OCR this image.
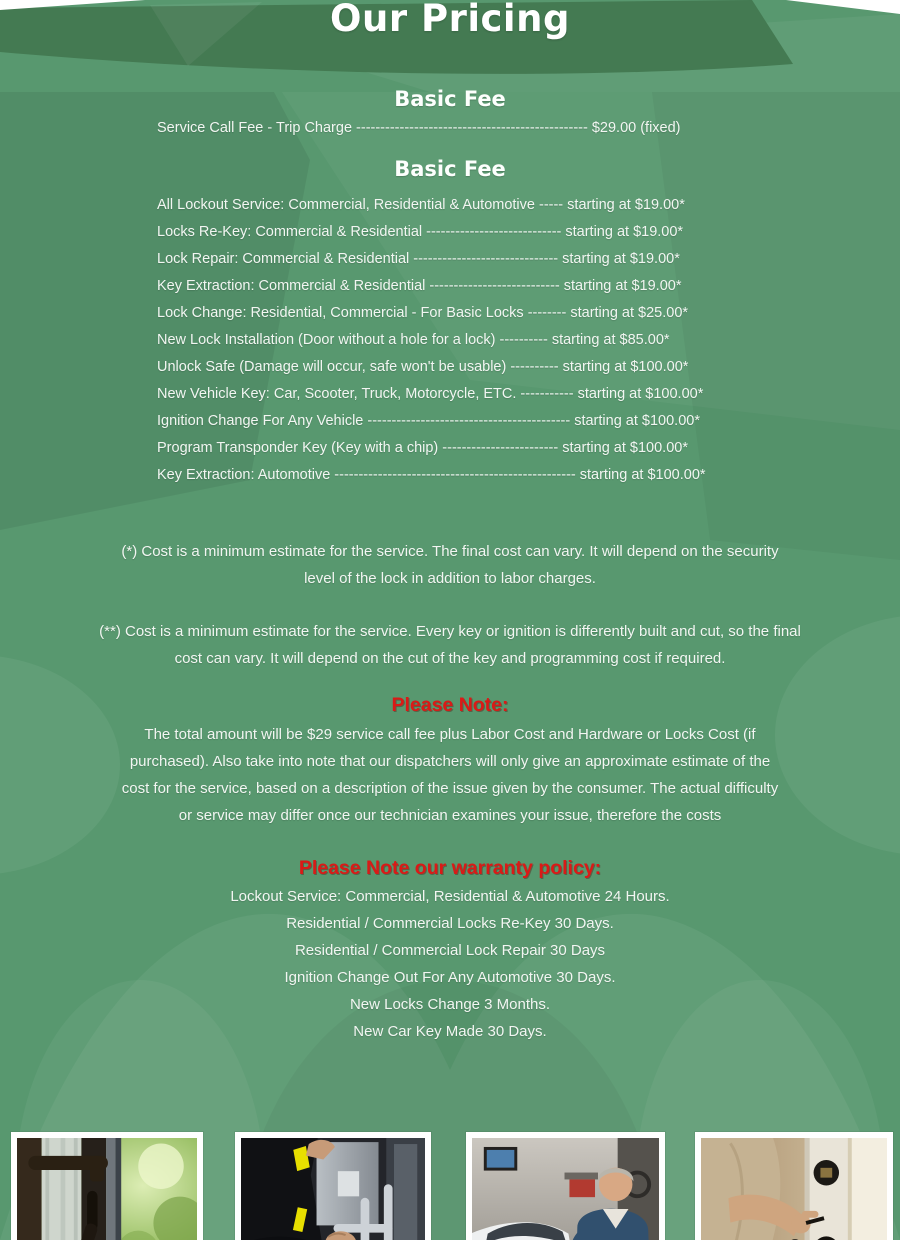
Our Pricing
Basic Fee

Service Call Fee - Trip Charge ------------------------------------------------ $29.00 (fixed)

Basic Fee
All Lockout Service: Commercial, Residential & Automotive ----- starting at $19.00*
Locks Re-Key: Commercial & Residential ---------------------------- starting at $19.00*
Lock Repair: Commercial & Residential ------------------------------ starting at $19.00*
Key Extraction: Commercial & Residential --------------------------- starting at $19.00*
Lock Change: Residential, Commercial - For Basic Locks -------- starting at $25.00*
New Lock Installation (Door without a hole for a lock) ---------- starting at $85.00*
Unlock Safe (Damage will occur, safe won't be usable) ---------- starting at $100.00*
New Vehicle Key: Car, Scooter, Truck, Motorcycle, ETC. ----------- starting at $100.00*
Ignition Change For Any Vehicle ------------------------------------------ starting at $100.00*
Program Transponder Key (Key with a chip) ------------------------ starting at $100.00*
Key Extraction: Automotive -------------------------------------------------- starting at $100.00*

(*) Cost is a minimum estimate for the service. The final cost can vary. It will depend on the security level of the lock in addition to labor charges.

(**) Cost is a minimum estimate for the service. Every key or ignition is differently built and cut, so the final cost can vary. It will depend on the cut of the key and programming cost if required.

Please Note:

The total amount will be $29 service call fee plus Labor Cost and Hardware or Locks Cost (if purchased). Also take into note that our dispatchers will only give an approximate estimate of the cost for the service, based on a description of the issue given by the consumer. The actual difficulty or service may differ once our technician examines your issue, therefore the costs

Please Note our warranty policy:
Lockout Service: Commercial, Residential & Automotive 24 Hours.
Residential / Commercial Locks Re-Key 30 Days.
Residential / Commercial Lock Repair 30 Days
Ignition Change Out For Any Automotive 30 Days.
New Locks Change 3 Months.
New Car Key Made 30 Days.
